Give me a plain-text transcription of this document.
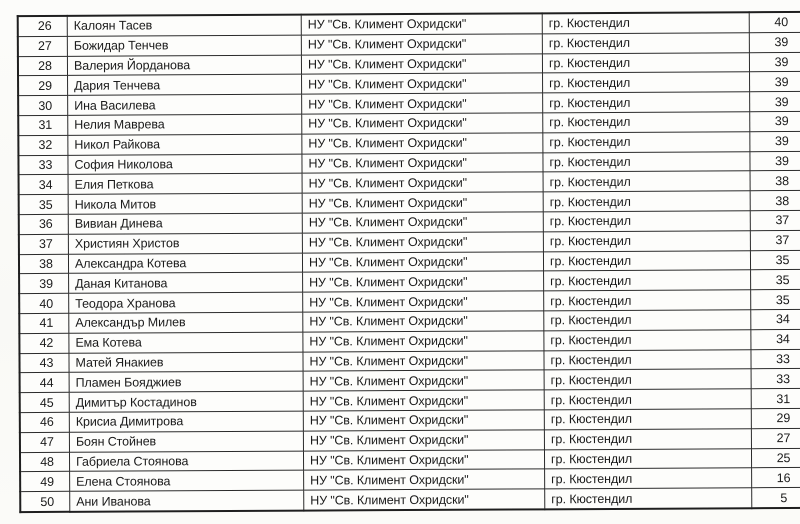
26	Калоян Тасев	НУ "Св. Климент Охридски"	гр. Кюстендил	40
27	Божидар Тенчев	НУ "Св. Климент Охридски"	гр. Кюстендил	39
28	Валерия Йорданова	НУ "Св. Климент Охридски"	гр. Кюстендил	39
29	Дария Тенчева	НУ "Св. Климент Охридски"	гр. Кюстендил	39
30	Ина Василева	НУ "Св. Климент Охридски"	гр. Кюстендил	39
31	Нелия Маврева	НУ "Св. Климент Охридски"	гр. Кюстендил	39
32	Никол Райкова	НУ "Св. Климент Охридски"	гр. Кюстендил	39
33	София Николова	НУ "Св. Климент Охридски"	гр. Кюстендил	39
34	Елия Петкова	НУ "Св. Климент Охридски"	гр. Кюстендил	38
35	Никола Митов	НУ "Св. Климент Охридски"	гр. Кюстендил	38
36	Вивиан Динева	НУ "Св. Климент Охридски"	гр. Кюстендил	37
37	Християн Христов	НУ "Св. Климент Охридски"	гр. Кюстендил	37
38	Александра Котева	НУ "Св. Климент Охридски"	гр. Кюстендил	35
39	Даная Китанова	НУ "Св. Климент Охридски"	гр. Кюстендил	35
40	Теодора Хранова	НУ "Св. Климент Охридски"	гр. Кюстендил	35
41	Александър Милев	НУ "Св. Климент Охридски"	гр. Кюстендил	34
42	Ема Котева	НУ "Св. Климент Охридски"	гр. Кюстендил	34
43	Матей Янакиев	НУ "Св. Климент Охридски"	гр. Кюстендил	33
44	Пламен Бояджиев	НУ "Св. Климент Охридски"	гр. Кюстендил	33
45	Димитър Костадинов	НУ "Св. Климент Охридски"	гр. Кюстендил	31
46	Крисиа Димитрова	НУ "Св. Климент Охридски"	гр. Кюстендил	29
47	Боян Стойнев	НУ "Св. Климент Охридски"	гр. Кюстендил	27
48	Габриела Стоянова	НУ "Св. Климент Охридски"	гр. Кюстендил	25
49	Елена Стоянова	НУ "Св. Климент Охридски"	гр. Кюстендил	16
50	Ани Иванова	НУ "Св. Климент Охридски"	гр. Кюстендил	5
